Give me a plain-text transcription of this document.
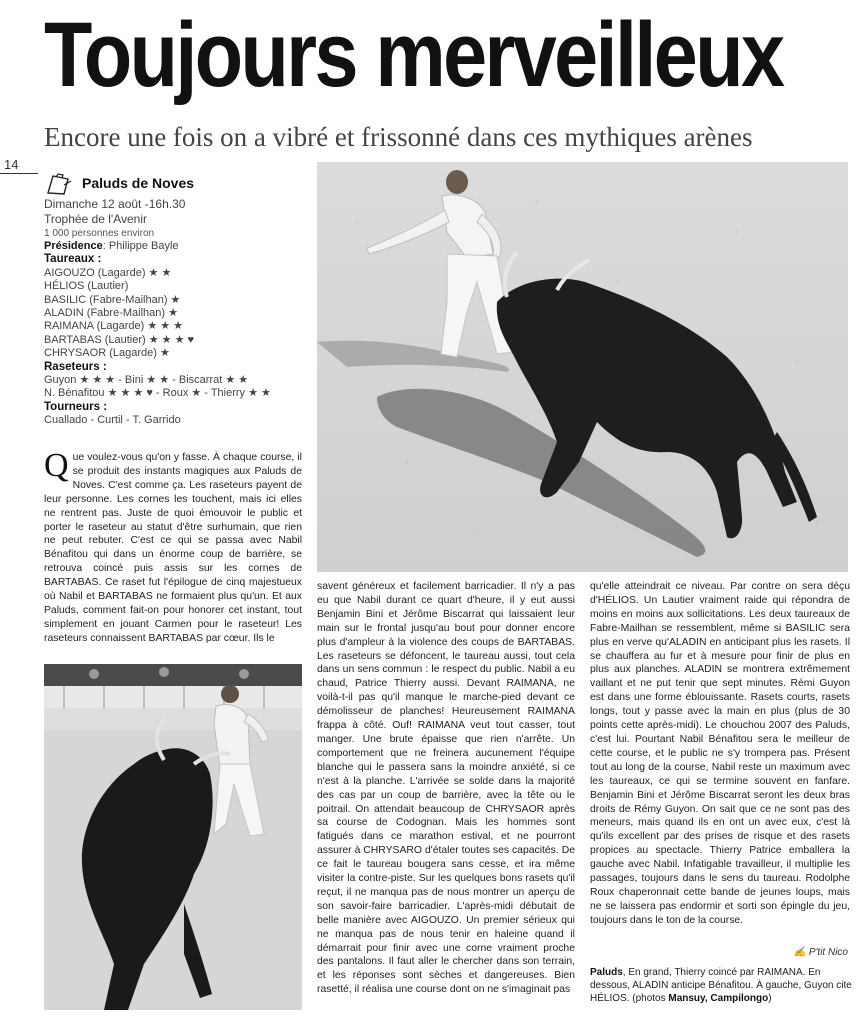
Toujours merveilleux
Encore une fois on a vibré et frissonné dans ces mythiques arènes
14
Paluds de Noves
Dimanche 12 août -16h.30
Trophée de l'Avenir
1 000 personnes environ
Présidence: Philippe Bayle
Taureaux :
AIGOUZO (Lagarde) ★ ★
HÉLIOS (Lautier)
BASILIC (Fabre-Mailhan) ★
ALADIN (Fabre-Mailhan) ★
RAIMANA (Lagarde) ★ ★ ★
BARTABAS (Lautier) ★ ★ ★ ♥
CHRYSAOR (Lagarde) ★
Raseteurs :
Guyon ★ ★ ★ - Bini ★ ★ - Biscarrat ★ ★
N. Bénafitou ★ ★ ★ ♥ - Roux ★ - Thierry ★ ★
Tourneurs :
Cuallado - Curtil - T. Garrido
Que voulez-vous qu'on y fasse. À chaque course, il se produit des instants magiques aux Paluds de Noves. C'est comme ça. Les raseteurs payent de leur personne. Les cornes les touchent, mais ici elles ne rentrent pas. Juste de quoi émouvoir le public et porter le raseteur au statut d'être surhumain, que rien ne peut rebuter. C'est ce qui se passa avec Nabil Bénafitou qui dans un énorme coup de barrière, se retrouva coincé puis assis sur les cornes de BARTABAS. Ce raset fut l'épilogue de cinq majestueux où Nabil et BARTABAS ne formaient plus qu'un. Et aux Paluds, comment fait-on pour honorer cet instant, tout simplement en jouant Carmen pour le raseteur! Les raseteurs connaissent BARTABAS par cœur. Ils le
savent généreux et facilement barricadier. Il n'y a pas eu que Nabil durant ce quart d'heure, il y eut aussi Benjamin Bini et Jérôme Biscarrat qui laissaient leur main sur le frontal jusqu'au bout pour donner encore plus d'ampleur à la violence des coups de BARTABAS. Les raseteurs se défoncent, le taureau aussi, tout cela dans un sens commun : le respect du public. Nabil a eu chaud, Patrice Thierry aussi. Devant RAIMANA, ne voilà-t-il pas qu'il manque le marche-pied devant ce démolisseur de planches! Heureusement RAIMANA frappa à côté. Ouf! RAIMANA veut tout casser, tout manger. Une brute épaisse que rien n'arrête. Un comportement que ne freinera aucunement l'équipe blanche qui le passera sans la moindre anxiété, si ce n'est à la planche. L'arrivée se solde dans la majorité des cas par un coup de barrière, avec la tête ou le poitrail. On attendait beaucoup de CHRYSAOR après sa course de Codognan. Mais les hommes sont fatigués dans ce marathon estival, et ne pourront assurer à CHRYSARO d'étaler toutes ses capacités. De ce fait le taureau bougera sans cesse, et ira même visiter la contre-piste. Sur les quelques bons rasets qu'il reçut, il ne manqua pas de nous montrer un aperçu de son savoir-faire barricadier. L'après-midi débutait de belle manière avec AIGOUZO. Un premier sérieux qui ne manqua pas de nous tenir en haleine quand il démarrait pour finir avec une corne vraiment proche des pantalons. Il faut aller le chercher dans son terrain, et les réponses sont sèches et dangereuses. Bien rasetté, il réalisa une course dont on ne s'imaginait pas
qu'elle atteindrait ce niveau. Par contre on sera déçu d'HÉLIOS. Un Lautier vraiment raide qui répondra de moins en moins aux sollicitations. Les deux taureaux de Fabre-Mailhan se ressemblent, même si BASILIC sera plus en verve qu'ALADIN en anticipant plus les rasets. Il se chauffera au fur et à mesure pour finir de plus en plus aux planches. ALADIN se montrera extrêmement vaillant et ne put tenir que sept minutes. Rémi Guyon est dans une forme éblouissante. Rasets courts, rasets longs, tout y passe avec la main en plus (plus de 30 points cette après-midi). Le chouchou 2007 des Paluds, c'est lui. Pourtant Nabil Bénafitou sera le meilleur de cette course, et le public ne s'y trompera pas. Présent tout au long de la course, Nabil reste un maximum avec les taureaux, ce qui se termine souvent en fanfare. Benjamin Bini et Jérôme Biscarrat seront les deux bras droits de Rémy Guyon. On sait que ce ne sont pas des meneurs, mais quand ils en ont un avec eux, c'est là qu'ils excellent par des prises de risque et des rasets propices au spectacle. Thierry Patrice emballera la gauche avec Nabil. Infatigable travailleur, il multiplie les passages, toujours dans le sens du taureau. Rodolphe Roux chaperonnait cette bande de jeunes loups, mais ne se laissera pas endormir et sorti son épingle du jeu, toujours dans le ton de la course.
✍ P'tit Nico
Paluds, En grand, Thierry coincé par RAIMANA. En dessous, ALADIN anticipe Bénafitou. À gauche, Guyon cite HÉLIOS. (photos Mansuy, Campilongo)
